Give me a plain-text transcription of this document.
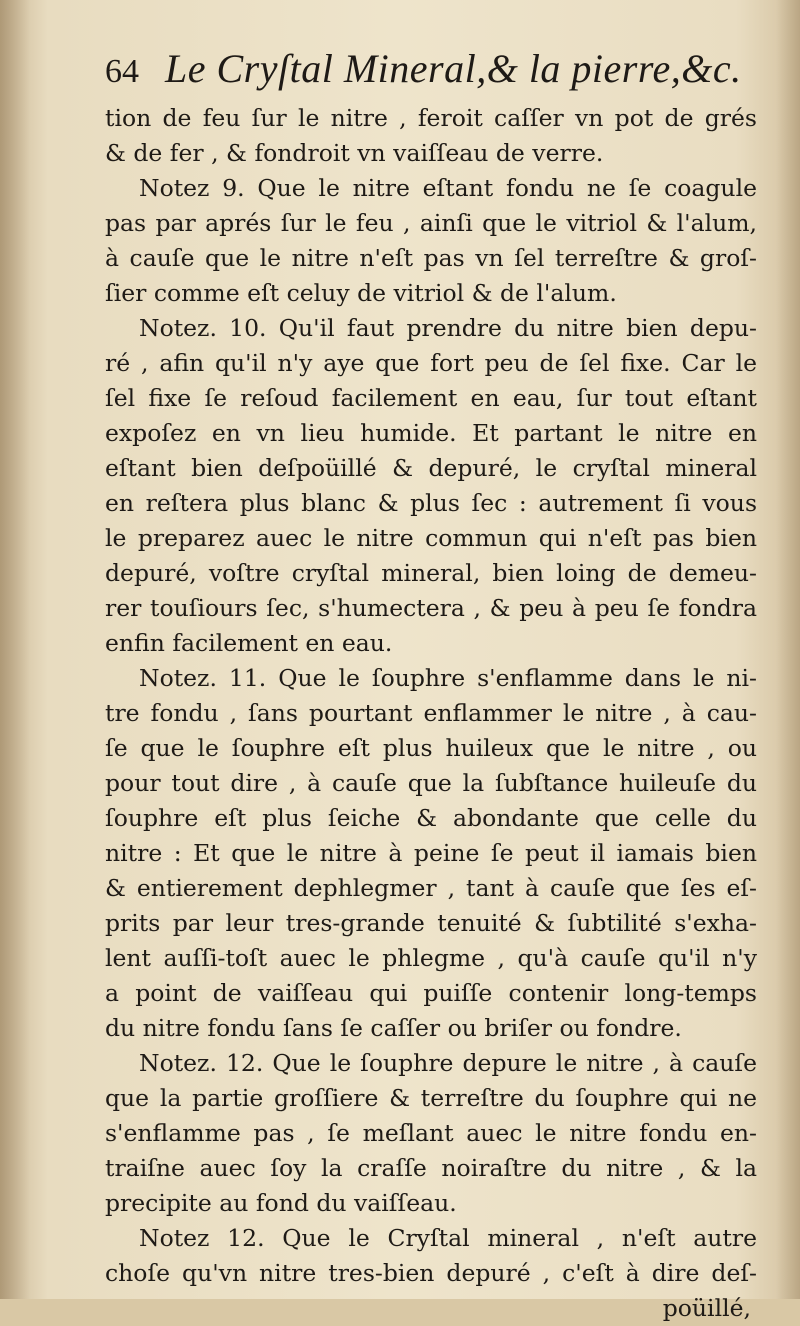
64 Le Cryſtal Mineral,& la pierre,&c.
tion de feu ſur le nitre , feroit caſſer vn pot de grés
& de fer , & fondroit vn vaiſſeau de verre.
Notez 9. Que le nitre eſtant fondu ne ſe coagule
pas par aprés ſur le feu , ainſi que le vitriol & l'alum,
à cauſe que le nitre n'eſt pas vn ſel terreſtre & groſ-
ſier comme eſt celuy de vitriol & de l'alum.
Notez. 10. Qu'il faut prendre du nitre bien depu-
ré , afin qu'il n'y aye que fort peu de ſel fixe. Car le
ſel fixe ſe reſoud facilement en eau, ſur tout eſtant
expoſez en vn lieu humide. Et partant le nitre en
eſtant bien deſpoüillé & depuré, le cryſtal mineral
en reſtera plus blanc & plus ſec : autrement ſi vous
le preparez auec le nitre commun qui n'eſt pas bien
depuré, voſtre cryſtal mineral, bien loing de demeu-
rer touſiours ſec, s'humectera , & peu à peu ſe fondra
enfin facilement en eau.
Notez. 11. Que le ſouphre s'enflamme dans le ni-
tre fondu , ſans pourtant enflammer le nitre , à cau-
ſe que le ſouphre eſt plus huileux que le nitre , ou
pour tout dire , à cauſe que la ſubſtance huileuſe du
ſouphre eſt plus ſeiche & abondante que celle du
nitre : Et que le nitre à peine ſe peut il iamais bien
& entierement dephlegmer , tant à cauſe que ſes eſ-
prits par leur tres-grande tenuité & ſubtilité s'exha-
lent auſſi-toſt auec le phlegme , qu'à cauſe qu'il n'y
a point de vaiſſeau qui puiſſe contenir long-temps
du nitre fondu ſans ſe caſſer ou briſer ou fondre.
Notez. 12. Que le ſouphre depure le nitre , à cauſe
que la partie groſſiere & terreſtre du ſouphre qui ne
s'enflamme pas , ſe meſlant auec le nitre fondu en-
traiſne auec ſoy la craſſe noiraſtre du nitre , & la
precipite au fond du vaiſſeau.
Notez 12. Que le Cryſtal mineral , n'eſt autre
choſe qu'vn nitre tres-bien depuré , c'eſt à dire deſ-
poüillé,
